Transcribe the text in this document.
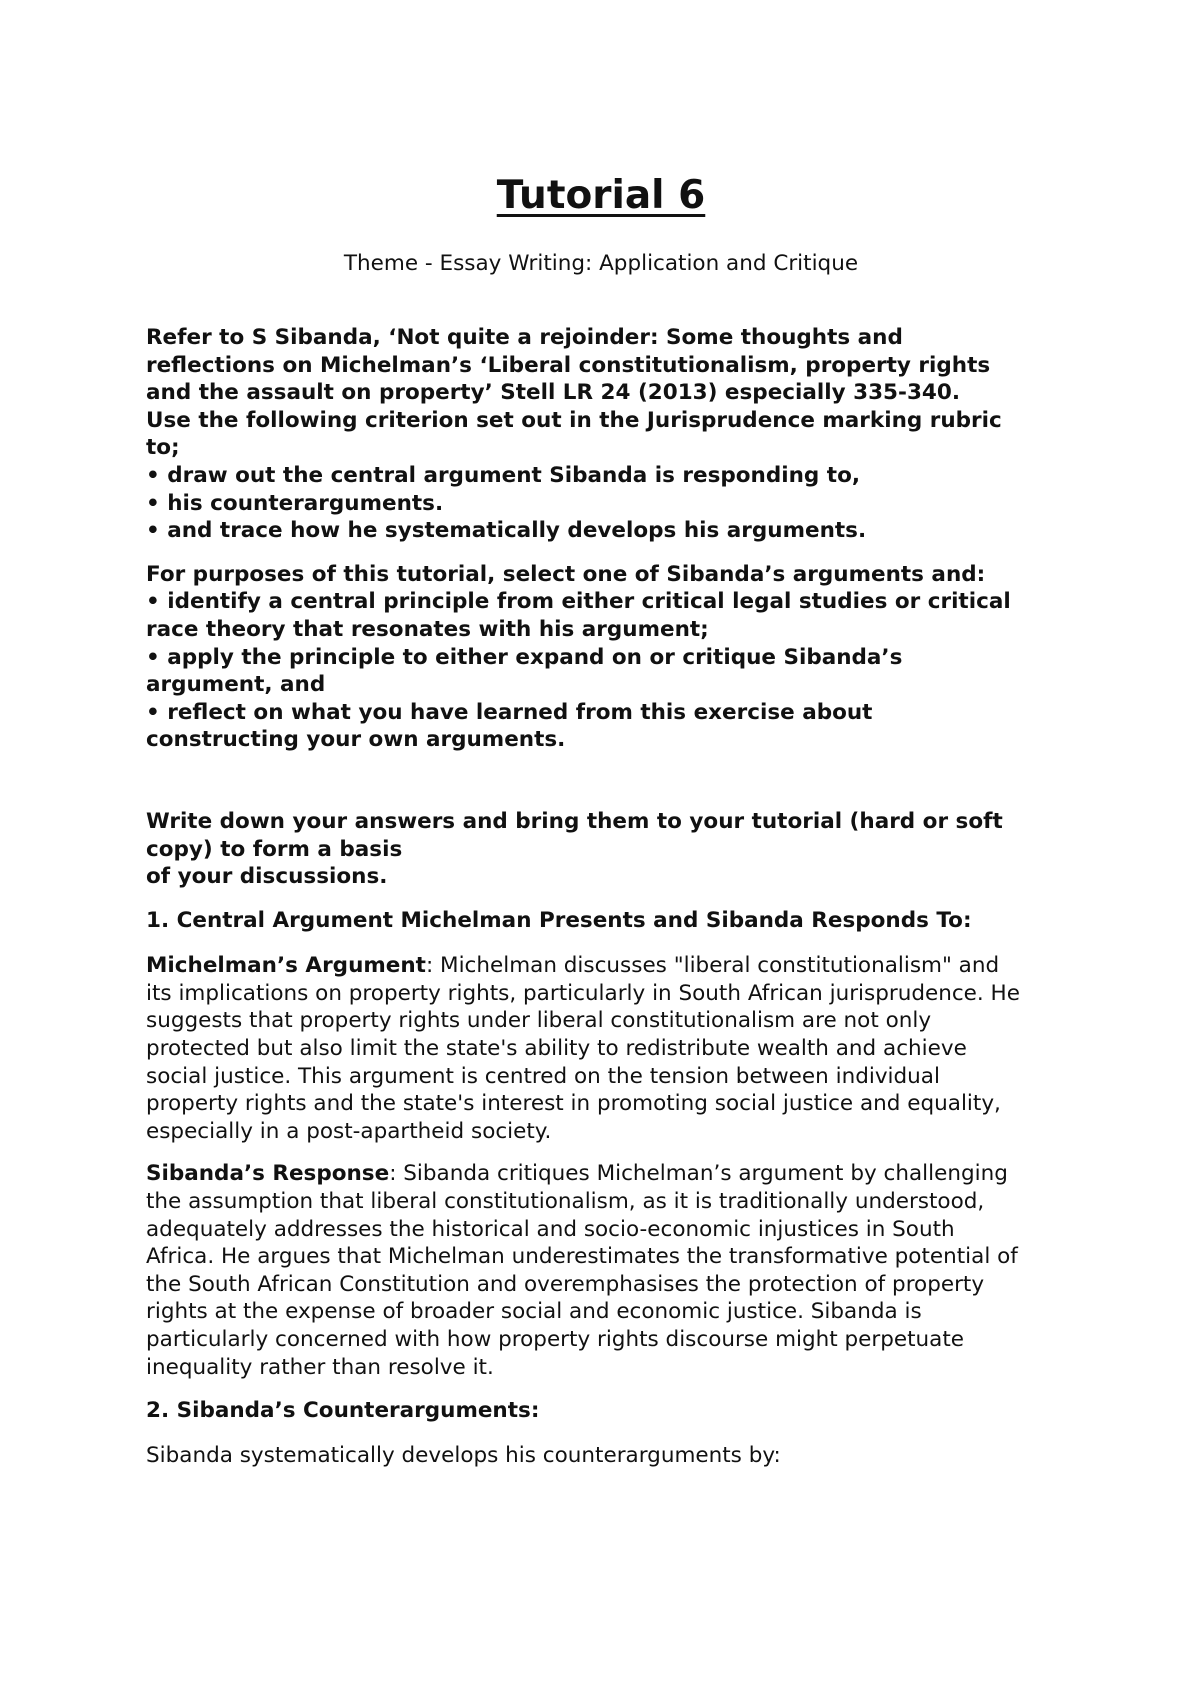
Tutorial 6

Theme - Essay Writing: Application and Critique

Refer to S Sibanda, ‘Not quite a rejoinder: Some thoughts and
reflections on Michelman’s ‘Liberal constitutionalism, property rights
and the assault on property’ Stell LR 24 (2013) especially 335-340.
Use the following criterion set out in the Jurisprudence marking rubric
to;
• draw out the central argument Sibanda is responding to,
• his counterarguments.
• and trace how he systematically develops his arguments.

For purposes of this tutorial, select one of Sibanda’s arguments and:
• identify a central principle from either critical legal studies or critical
race theory that resonates with his argument;
• apply the principle to either expand on or critique Sibanda’s
argument, and
• reflect on what you have learned from this exercise about
constructing your own arguments.

Write down your answers and bring them to your tutorial (hard or soft
copy) to form a basis
of your discussions.

1. Central Argument Michelman Presents and Sibanda Responds To:

Michelman’s Argument: Michelman discusses "liberal constitutionalism" and
its implications on property rights, particularly in South African jurisprudence. He
suggests that property rights under liberal constitutionalism are not only
protected but also limit the state's ability to redistribute wealth and achieve
social justice. This argument is centred on the tension between individual
property rights and the state's interest in promoting social justice and equality,
especially in a post-apartheid society.

Sibanda’s Response: Sibanda critiques Michelman’s argument by challenging
the assumption that liberal constitutionalism, as it is traditionally understood,
adequately addresses the historical and socio-economic injustices in South
Africa. He argues that Michelman underestimates the transformative potential of
the South African Constitution and overemphasises the protection of property
rights at the expense of broader social and economic justice. Sibanda is
particularly concerned with how property rights discourse might perpetuate
inequality rather than resolve it.

2. Sibanda’s Counterarguments:

Sibanda systematically develops his counterarguments by:
